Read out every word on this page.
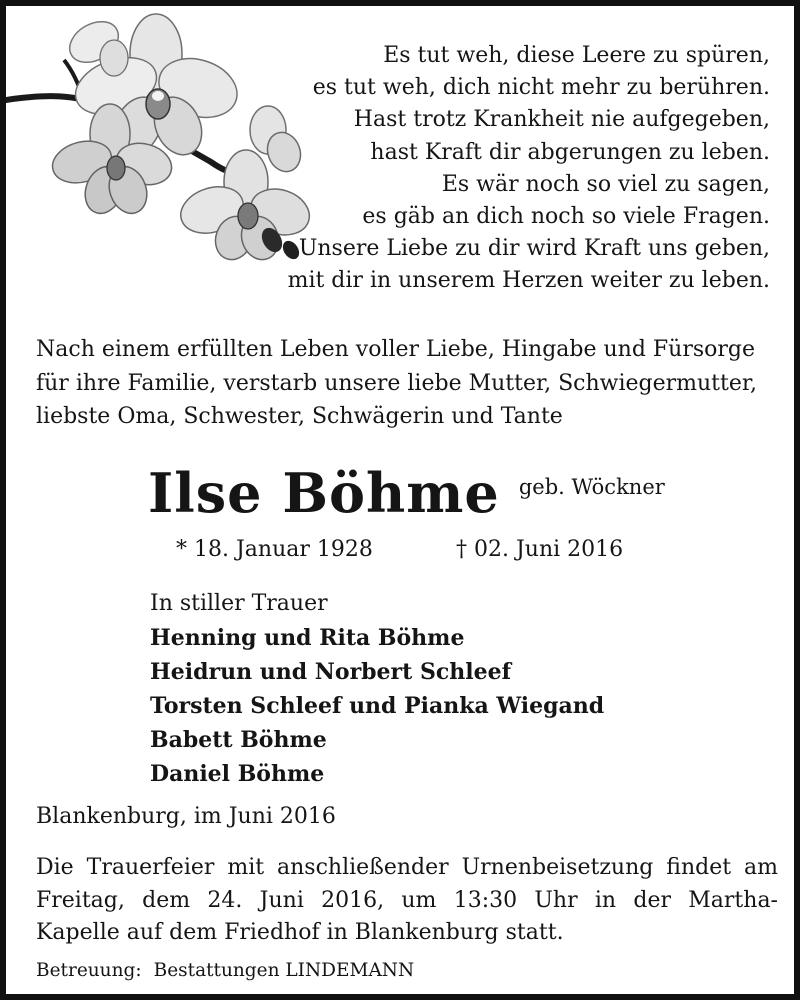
Es tut weh, diese Leere zu spüren,
es tut weh, dich nicht mehr zu berühren.
Hast trotz Krankheit nie aufgegeben,
hast Kraft dir abgerungen zu leben.
Es wär noch so viel zu sagen,
es gäb an dich noch so viele Fragen.
Unsere Liebe zu dir wird Kraft uns geben,
mit dir in unserem Herzen weiter zu leben.
Nach einem erfüllten Leben voller Liebe, Hingabe und Fürsorge
für ihre Familie, verstarb unsere liebe Mutter, Schwiegermutter,
liebste Oma, Schwester, Schwägerin und Tante
Ilse Böhme geb. Wöckner
* 18. Januar 1928	† 02. Juni 2016
In stiller Trauer
Henning und Rita Böhme
Heidrun und Norbert Schleef
Torsten Schleef und Pianka Wiegand
Babett Böhme
Daniel Böhme
Blankenburg, im Juni 2016
Die Trauerfeier mit anschließender Urnenbeisetzung findet am
Freitag, dem 24. Juni 2016, um 13:30 Uhr in der Martha-
Kapelle auf dem Friedhof in Blankenburg statt.
Betreuung: Bestattungen LINDEMANN
